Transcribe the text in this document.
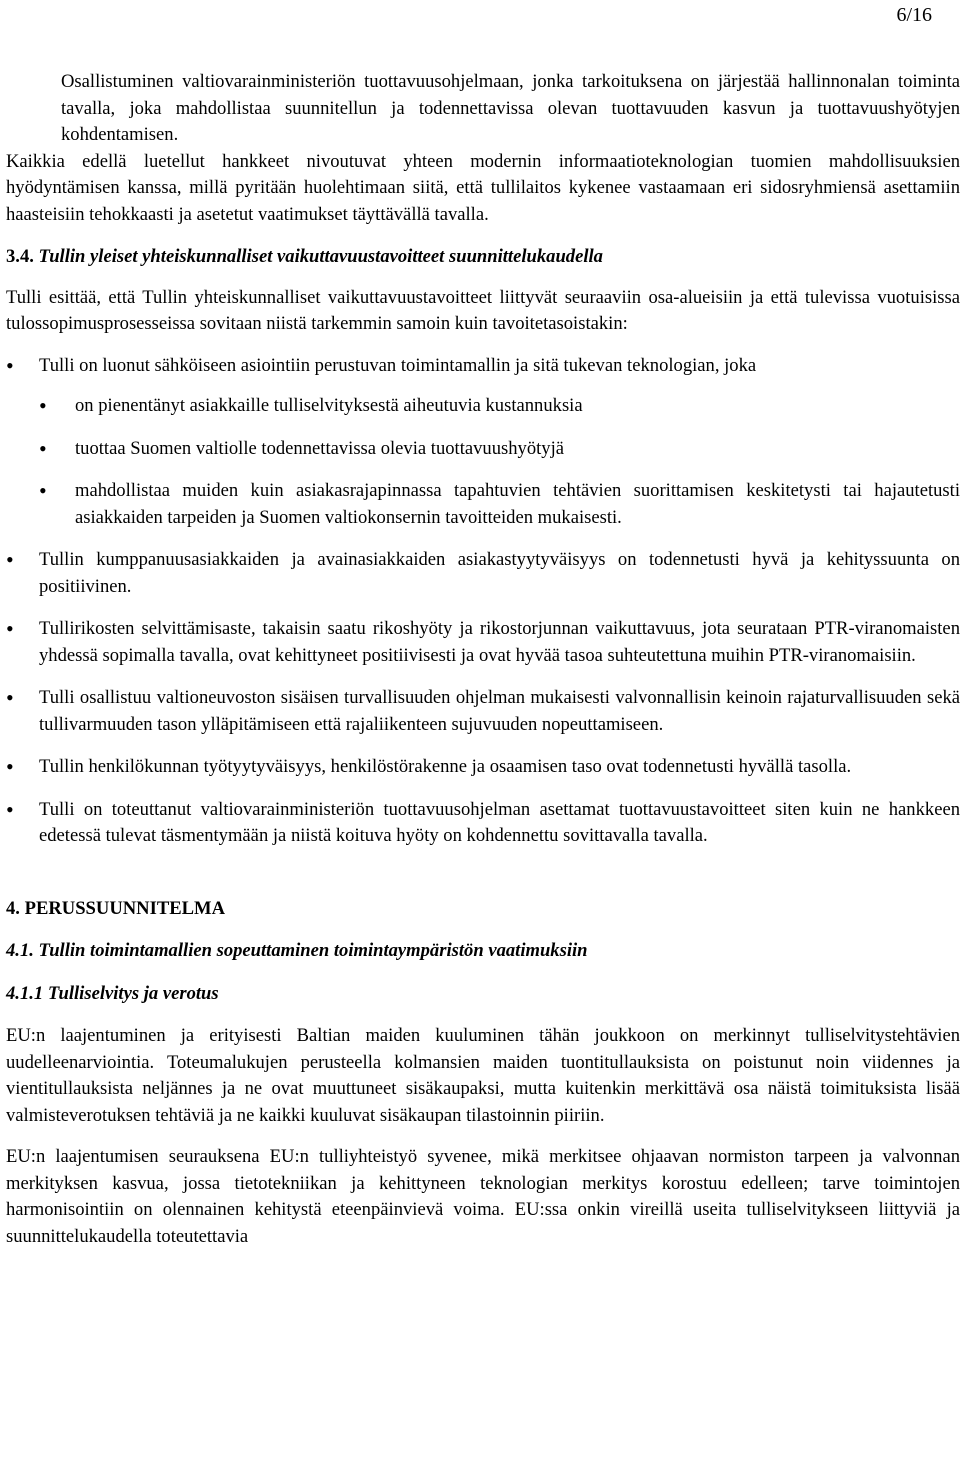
6/16

Osallistuminen valtiovarainministeriön tuottavuusohjelmaan, jonka tarkoituksena on järjestää hallinnonalan toiminta tavalla, joka mahdollistaa suunnitellun ja todennettavissa olevan tuottavuuden kasvun ja tuottavuushyötyjen kohdentamisen.

Kaikkia edellä luetellut hankkeet nivoutuvat yhteen modernin informaatioteknologian tuomien mahdollisuuksien hyödyntämisen kanssa, millä pyritään huolehtimaan siitä, että tullilaitos kykenee vastaamaan eri sidosryhmiensä asettamiin haasteisiin tehokkaasti ja asetetut vaatimukset täyttävällä tavalla.

3.4. Tullin yleiset yhteiskunnalliset vaikuttavuustavoitteet suunnittelukaudella

Tulli esittää, että Tullin yhteiskunnalliset vaikuttavuustavoitteet liittyvät seuraaviin osa-alueisiin ja että tulevissa vuotuisissa tulossopimusprosesseissa sovitaan niistä tarkemmin samoin kuin tavoitetasoistakin:

• Tulli on luonut sähköiseen asiointiin perustuvan toimintamallin ja sitä tukevan teknologian, joka
• on pienentänyt asiakkaille tulliselvityksestä aiheutuvia kustannuksia
• tuottaa Suomen valtiolle todennettavissa olevia tuottavuushyötyjä
• mahdollistaa muiden kuin asiakasrajapinnassa tapahtuvien tehtävien suorittamisen keskitetysti tai hajautetusti asiakkaiden tarpeiden ja Suomen valtiokonsernin tavoitteiden mukaisesti.
• Tullin kumppanuusasiakkaiden ja avainasiakkaiden asiakastyytyväisyys on todennetusti hyvä ja kehityssuunta on positiivinen.
• Tullirikosten selvittämisaste, takaisin saatu rikoshyöty ja rikostorjunnan vaikuttavuus, jota seurataan PTR-viranomaisten yhdessä sopimalla tavalla, ovat kehittyneet positiivisesti ja ovat hyvää tasoa suhteutettuna muihin PTR-viranomaisiin.
• Tulli osallistuu valtioneuvoston sisäisen turvallisuuden ohjelman mukaisesti valvonnallisin keinoin rajaturvallisuuden sekä tullivarmuuden tason ylläpitämiseen että rajaliikenteen sujuvuuden nopeuttamiseen.
• Tullin henkilökunnan työtyytyväisyys, henkilöstörakenne ja osaamisen taso ovat todennetusti hyvällä tasolla.
• Tulli on toteuttanut valtiovarainministeriön tuottavuusohjelman asettamat tuottavuustavoitteet siten kuin ne hankkeen edetessä tulevat täsmentymään ja niistä koituva hyöty on kohdennettu sovittavalla tavalla.
4. PERUSSUUNNITELMA
4.1. Tullin toimintamallien sopeuttaminen toimintaympäristön vaatimuksiin
4.1.1 Tulliselvitys ja verotus

EU:n laajentuminen ja erityisesti Baltian maiden kuuluminen tähän joukkoon on merkinnyt tulliselvitystehtävien uudelleenarviointia. Toteumalukujen perusteella kolmansien maiden tuontitullauksista on poistunut noin viidennes ja vientitullauksista neljännes ja ne ovat muuttuneet sisäkaupaksi, mutta kuitenkin merkittävä osa näistä toimituksista lisää valmisteverotuksen tehtäviä ja ne kaikki kuuluvat sisäkaupan tilastoinnin piiriin.

EU:n laajentumisen seurauksena EU:n tulliyhteistyö syvenee, mikä merkitsee ohjaavan normiston tarpeen ja valvonnan merkityksen kasvua, jossa tietotekniikan ja kehittyneen teknologian merkitys korostuu edelleen; tarve toimintojen harmonisointiin on olennainen kehitystä eteenpäinvievä voima. EU:ssa onkin vireillä useita tulliselvitykseen liittyviä ja suunnittelukaudella toteutettavia
